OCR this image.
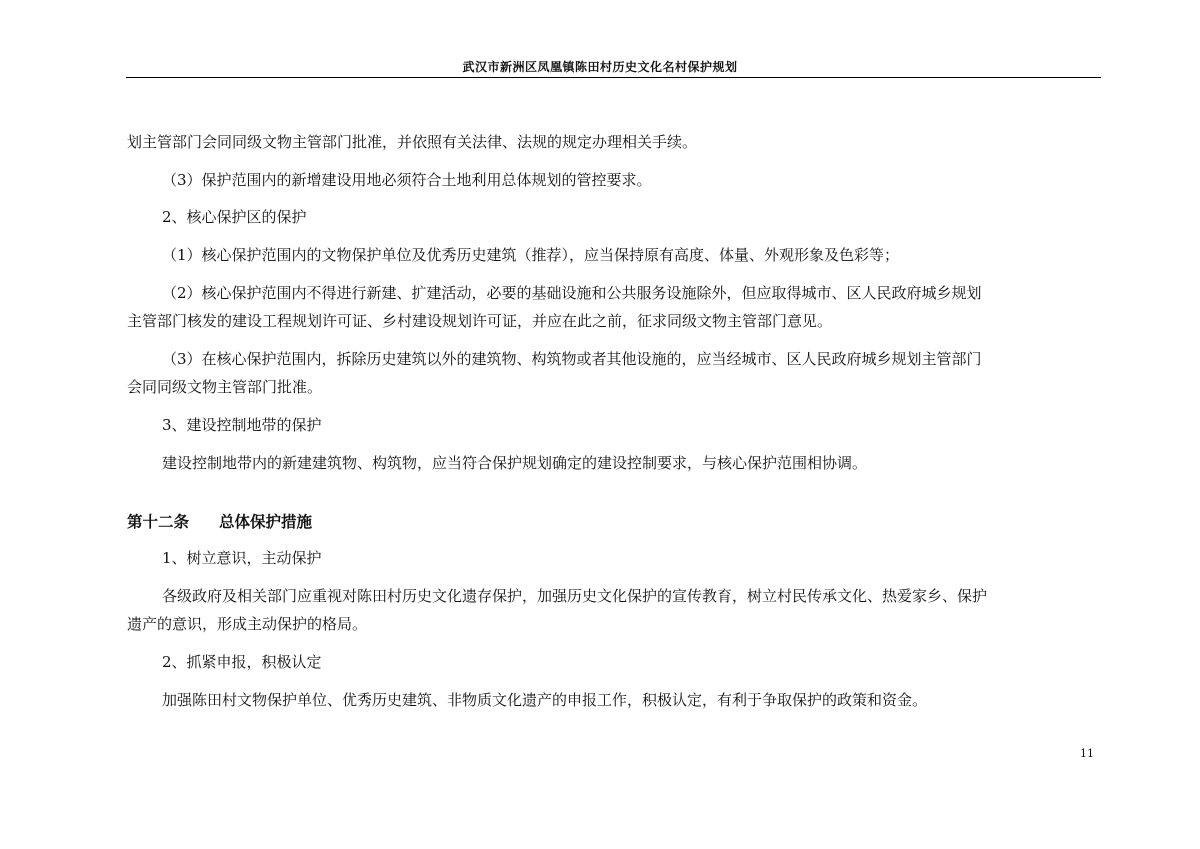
武汉市新洲区凤凰镇陈田村历史文化名村保护规划
划主管部门会同同级文物主管部门批准，并依照有关法律、法规的规定办理相关手续。
（3）保护范围内的新增建设用地必须符合土地利用总体规划的管控要求。
2、核心保护区的保护
（1）核心保护范围内的文物保护单位及优秀历史建筑（推荐），应当保持原有高度、体量、外观形象及色彩等；
（2）核心保护范围内不得进行新建、扩建活动，必要的基础设施和公共服务设施除外，但应取得城市、区人民政府城乡规划
主管部门核发的建设工程规划许可证、乡村建设规划许可证，并应在此之前，征求同级文物主管部门意见。
（3）在核心保护范围内，拆除历史建筑以外的建筑物、构筑物或者其他设施的，应当经城市、区人民政府城乡规划主管部门
会同同级文物主管部门批准。
3、建设控制地带的保护
建设控制地带内的新建建筑物、构筑物，应当符合保护规划确定的建设控制要求，与核心保护范围相协调。
第十二条 总体保护措施
1、树立意识，主动保护
各级政府及相关部门应重视对陈田村历史文化遗存保护，加强历史文化保护的宣传教育，树立村民传承文化、热爱家乡、保护
遗产的意识，形成主动保护的格局。
2、抓紧申报，积极认定
加强陈田村文物保护单位、优秀历史建筑、非物质文化遗产的申报工作，积极认定，有利于争取保护的政策和资金。
11
